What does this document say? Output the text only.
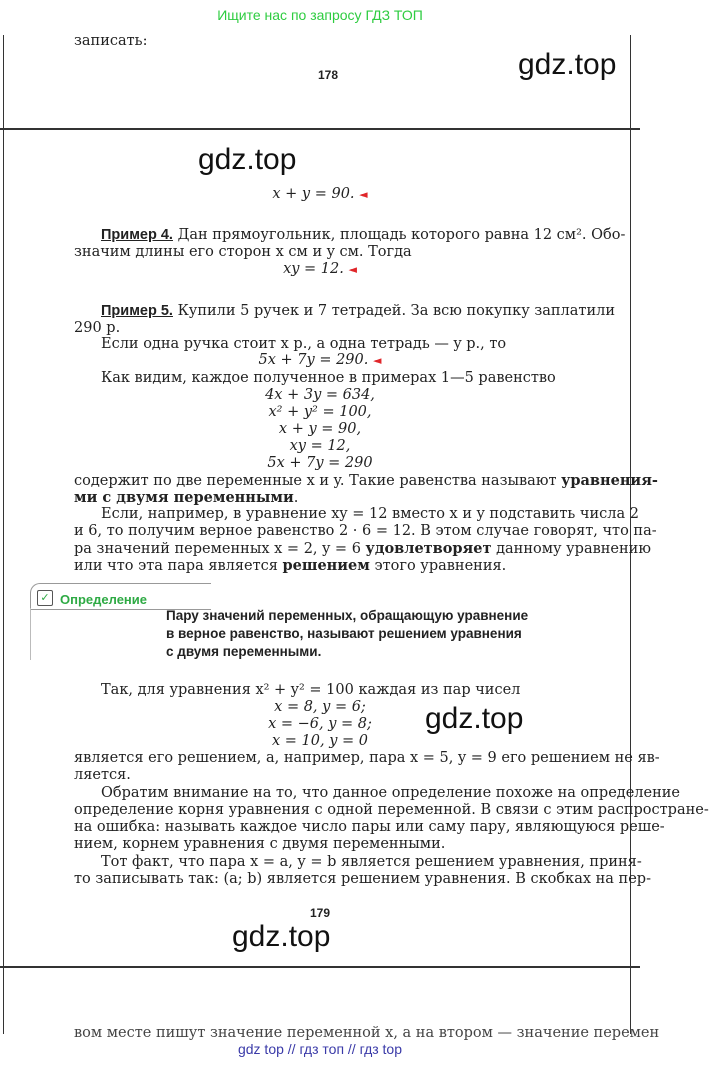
Ищите нас по запросу ГДЗ ТОП
записать:
178	gdz.top
gdz.top
x + y = 90. ◄
Пример 4. Дан прямоугольник, площадь которого равна 12 см². Обо-
значим длины его сторон x см и y см. Тогда
xy = 12. ◄
Пример 5. Купили 5 ручек и 7 тетрадей. За всю покупку заплатили
290 р.
Если одна ручка стоит x р., а одна тетрадь — y р., то
5x + 7y = 290. ◄
Как видим, каждое полученное в примерах 1—5 равенство
4x + 3y = 634,
x² + y² = 100,
x + y = 90,
xy = 12,
5x + 7y = 290
содержит по две переменные x и y. Такие равенства называют уравнения-
ми с двумя переменными.
Если, например, в уравнение xy = 12 вместо x и y подставить числа 2
и 6, то получим верное равенство 2 · 6 = 12. В этом случае говорят, что па-
ра значений переменных x = 2, y = 6 удовлетворяет данному уравнению
или что эта пара является решением этого уравнения.
✓ Определение
Пару значений переменных, обращающую уравнение
в верное равенство, называют решением уравнения
с двумя переменными.
Так, для уравнения x² + y² = 100 каждая из пар чисел
x = 8, y = 6;
x = −6, y = 8;	gdz.top
x = 10, y = 0
является его решением, а, например, пара x = 5, y = 9 его решением не яв-
ляется.
Обратим внимание на то, что данное определение похоже на определение
определение корня уравнения с одной переменной. В связи с этим распростране-
на ошибка: называть каждое число пары или саму пару, являющуюся реше-
нием, корнем уравнения с двумя переменными.
Тот факт, что пара x = a, y = b является решением уравнения, приня-
то записывать так: (a; b) является решением уравнения. В скобках на пер-
179
gdz.top
вом месте пишут значение переменной x, а на втором — значение перемен
gdz top // гдз топ // гдз top
